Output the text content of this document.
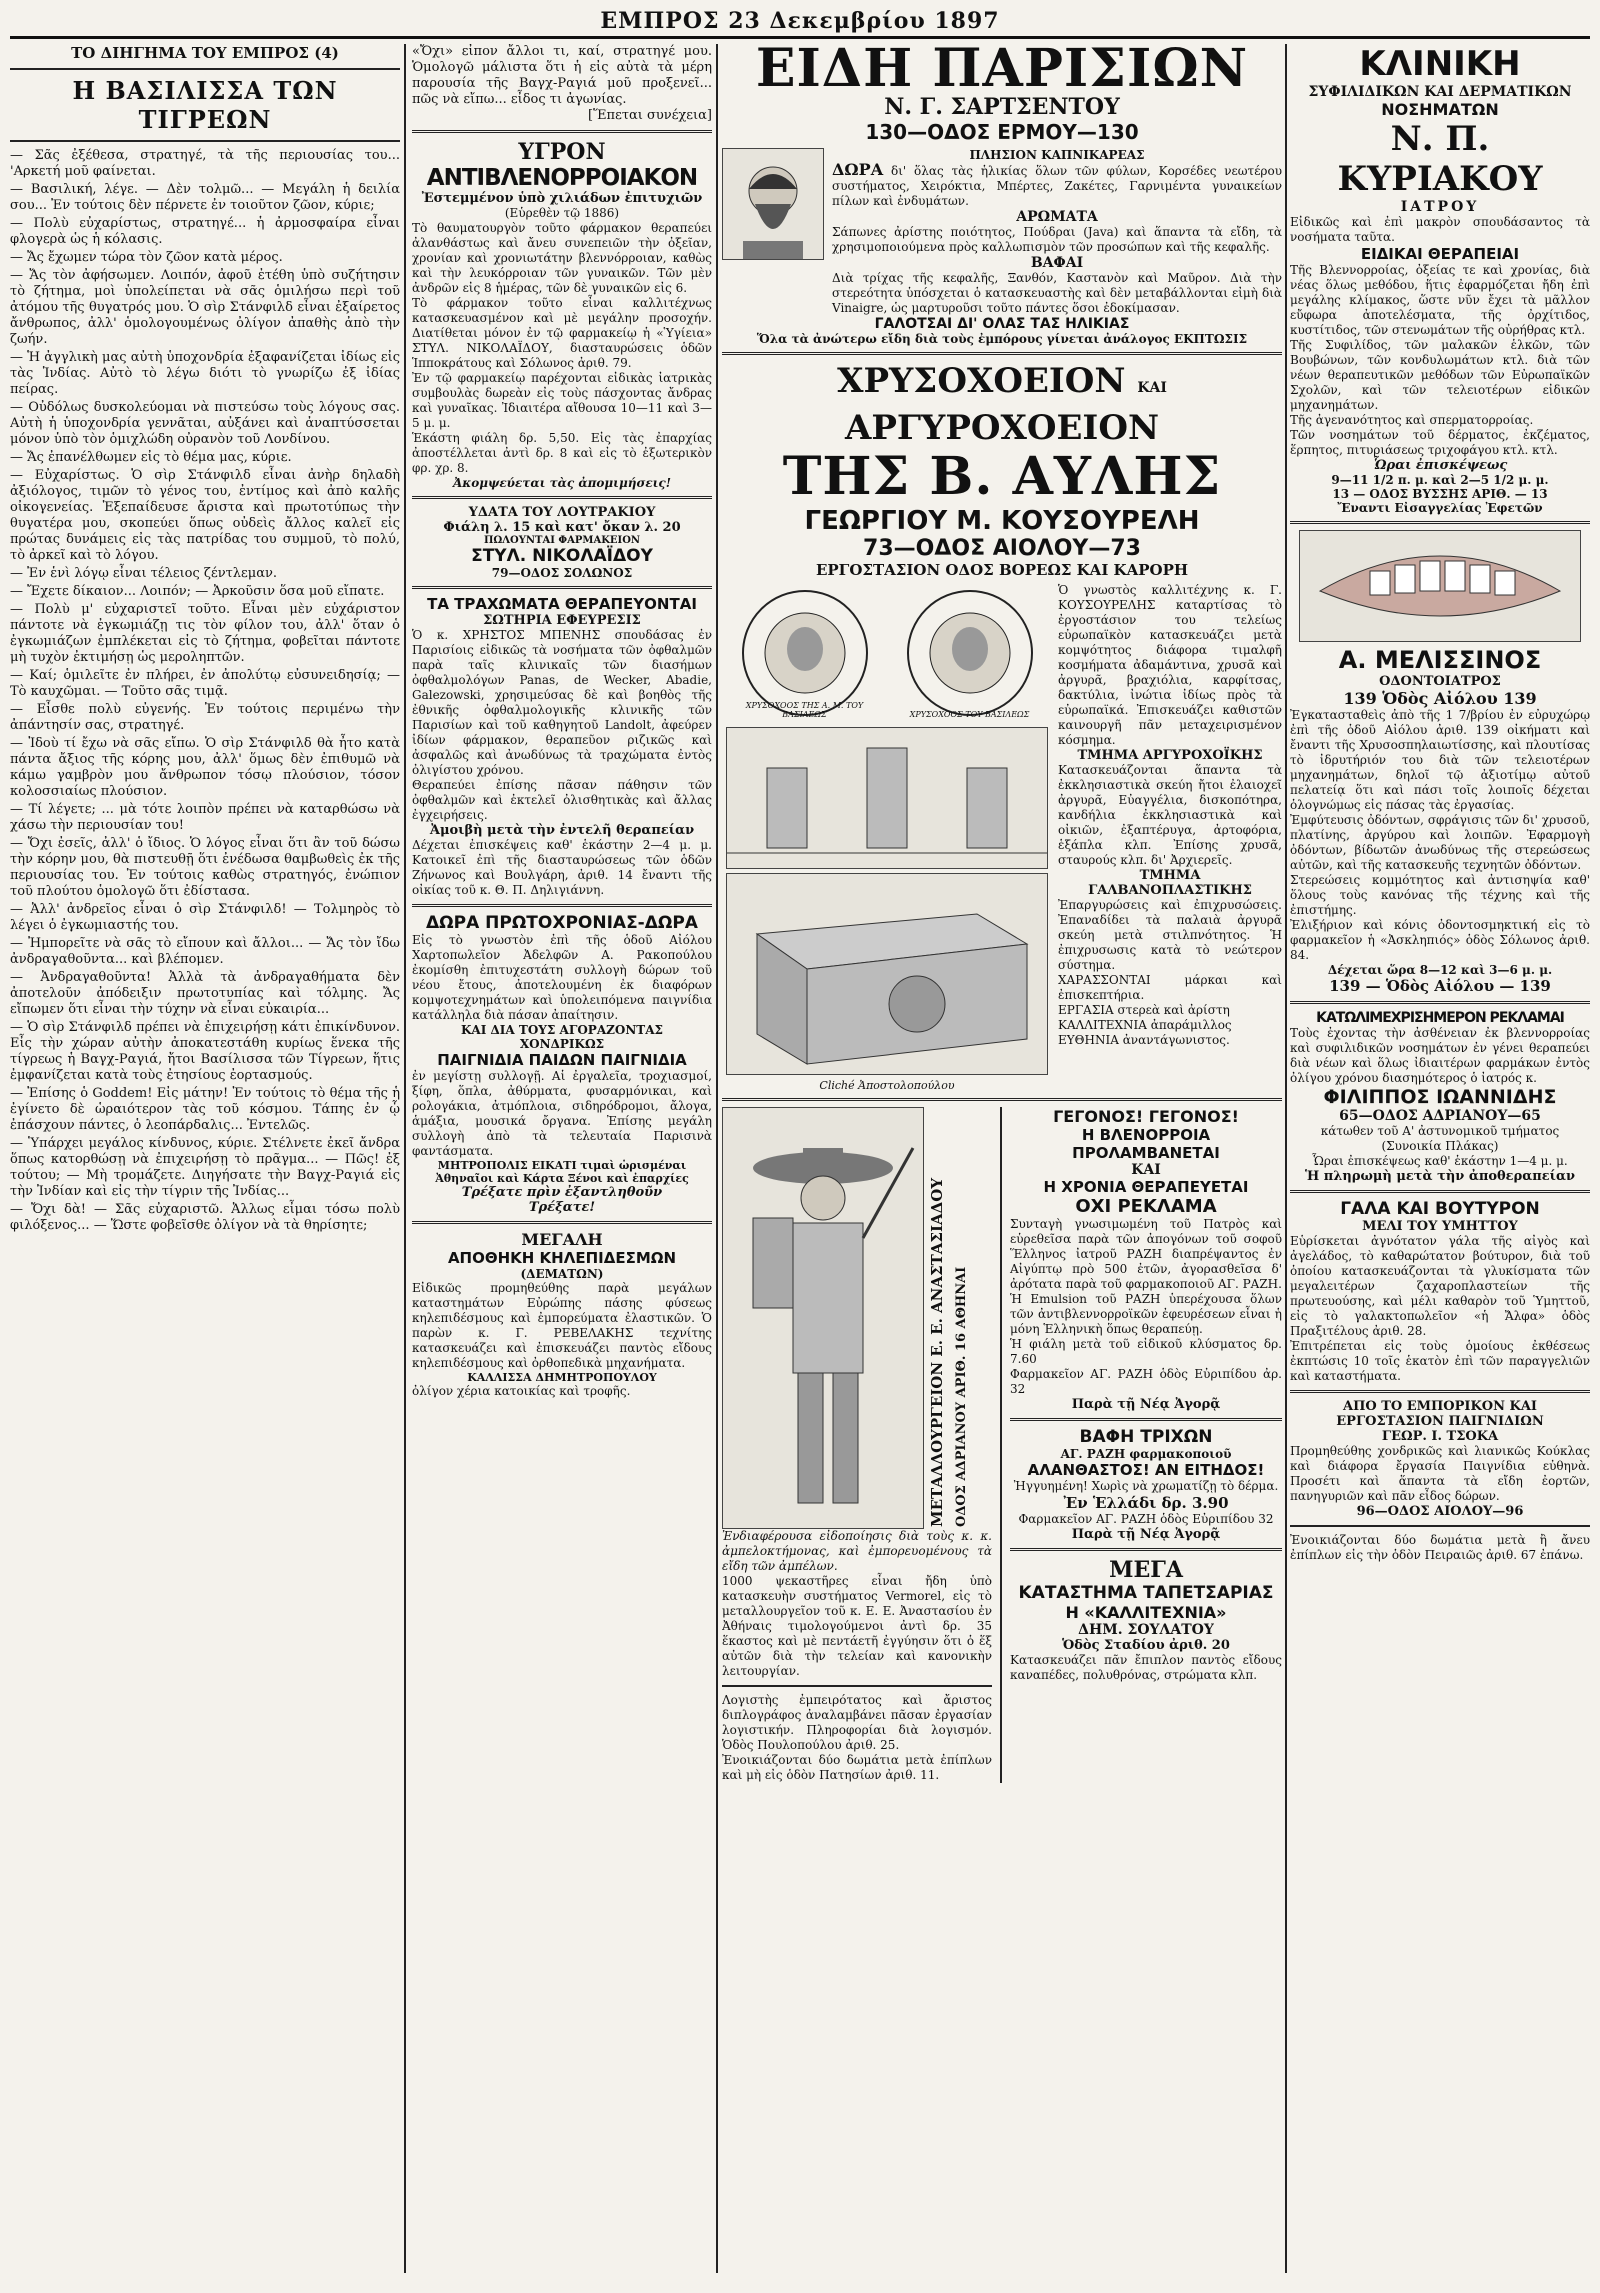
ΕΜΠΡΟΣ 23 Δεκεμβρίου 1897
ΤΟ ΔΙΗΓΗΜΑ ΤΟΥ ΕΜΠΡΟΣ (4)
Η ΒΑΣΙΛΙΣΣΑ ΤΩΝ ΤΙΓΡΕΩΝ

— Σᾶς ἐξέθεσα, στρατηγέ, τὰ τῆς περιουσίας του... 'Αρκετή μοῦ φαίνεται.

— Βασιλική, λέγε. — Δὲν τολμῶ... — Μεγάλη ἡ δειλία σου... Ἐν τούτοις δὲν πέρνετε ἐν τοιοῦτον ζῶον, κύριε;

— Πολὺ εὐχαρίστως, στρατηγέ... ἡ ἀρμοσφαίρα εἶναι φλογερὰ ὡς ἡ κόλασις.

— Ἄς ἔχωμεν τώρα τὸν ζῶον κατὰ μέρος.

— Ἄς τὸν ἀφήσωμεν. Λοιπόν, ἀφοῦ ἐτέθη ὑπὸ συζήτησιν τὸ ζήτημα, μοὶ ὑπολείπεται νὰ σᾶς ὁμιλήσω περὶ τοῦ ἀτόμου τῆς θυγατρός μου. Ὁ σὶρ Στάνφιλδ εἶναι ἐξαίρετος ἄνθρωπος, ἀλλ' ὁμολογουμένως ὀλίγον ἀπαθὴς ἀπὸ τὴν ζωήν.

— Ἡ ἀγγλικὴ μας αὐτὴ ὑποχονδρία ἐξαφανίζεται ἰδίως εἰς τὰς Ἰνδίας. Αὐτὸ τὸ λέγω διότι τὸ γνωρίζω ἐξ ἰδίας πείρας.

— Οὐδόλως δυσκολεύομαι νὰ πιστεύσω τοὺς λόγους σας. Αὐτὴ ἡ ὑποχονδρία γεννᾶται, αὐξάνει καὶ ἀναπτύσσεται μόνον ὑπὸ τὸν ὁμιχλώδη οὐρανὸν τοῦ Λονδίνου.

— Ἄς ἐπανέλθωμεν εἰς τὸ θέμα μας, κύριε.

— Εὐχαρίστως. Ὁ σὶρ Στάνφιλδ εἶναι ἀνὴρ δηλαδὴ ἀξιόλογος, τιμῶν τὸ γένος του, ἐντίμος καὶ ἀπὸ καλῆς οἰκογενείας. Ἐξεπαίδευσε ἄριστα καὶ πρωτοτύπως τὴν θυγατέρα μου, σκοπεύει ὅπως οὐδεὶς ἄλλος καλεῖ εἰς πρώτας δυνάμεις εἰς τὰς πατρίδας του συμμοῦ, τὸ πολύ, τὸ ἀρκεῖ καὶ τὸ λόγου.

— Ἐν ἑνὶ λόγῳ εἶναι τέλειος ζέντλεμαν.

— Ἔχετε δίκαιον... Λοιπόν; — Ἀρκοῦσιν ὅσα μοῦ εἴπατε.

— Πολὺ μ' εὐχαριστεῖ τοῦτο. Εἶναι μὲν εὐχάριστον πάντοτε νὰ ἐγκωμιάζῃ τις τὸν φίλον του, ἀλλ' ὅταν ὁ ἐγκωμιάζων ἐμπλέκεται εἰς τὸ ζήτημα, φοβεῖται πάντοτε μὴ τυχὸν ἐκτιμήσῃ ὡς μεροληπτῶν.

— Καί; ὁμιλεῖτε ἐν πλήρει, ἐν ἀπολύτῳ εὐσυνειδησίᾳ; — Τὸ καυχῶμαι. — Τοῦτο σᾶς τιμᾷ.

— Εἶσθε πολὺ εὐγενής. Ἐν τούτοις περιμένω τὴν ἀπάντησίν σας, στρατηγέ.

— Ἰδοὺ τί ἔχω νὰ σᾶς εἴπω. Ὁ σὶρ Στάνφιλδ θὰ ἦτο κατὰ πάντα ἄξιος τῆς κόρης μου, ἀλλ' ὅμως δὲν ἐπιθυμῶ νὰ κάμω γαμβρὸν μου ἄνθρωπον τόσῳ πλούσιον, τόσον κολοσσιαίως πλούσιον.

— Τί λέγετε; ... μὰ τότε λοιπὸν πρέπει νὰ καταρθώσω νὰ χάσω τὴν περιουσίαν του!

— Ὄχι ἐσεῖς, ἀλλ' ὁ ἴδιος. Ὁ λόγος εἶναι ὅτι ἂν τοῦ δώσω τὴν κόρην μου, θὰ πιστευθῇ ὅτι ἐνέδωσα θαμβωθεὶς ἐκ τῆς περιουσίας του. Ἐν τούτοις καθὼς στρατηγός, ἐνώπιον τοῦ πλούτου ὁμολογῶ ὅτι ἐδίστασα.

— Ἀλλ' ἀνδρεῖος εἶναι ὁ σὶρ Στάνφιλδ! — Τολμηρὸς τὸ λέγει ὁ ἐγκωμιαστής του.

— Ἠμπορεῖτε νὰ σᾶς τὸ εἴπουν καὶ ἄλλοι... — Ἄς τὸν ἴδω ἀνδραγαθοῦντα... καὶ βλέπομεν.

— Ἀνδραγαθοῦντα! Ἀλλὰ τὰ ἀνδραγαθήματα δὲν ἀποτελοῦν ἀπόδειξιν πρωτοτυπίας καὶ τόλμης. Ἄς εἴπωμεν ὅτι εἶναι τὴν τύχην νὰ εἶναι εὐκαιρία...

— Ὁ σὶρ Στάνφιλδ πρέπει νὰ ἐπιχειρήσῃ κάτι ἐπικίνδυνον. Εἶς τὴν χώραν αὐτὴν ἀποκατεστάθη κυρίως ἕνεκα τῆς τίγρεως ἡ Βαγχ-Ραγιά, ἤτοι Βασίλισσα τῶν Τίγρεων, ἥτις ἐμφανίζεται κατὰ τοὺς ἐτησίους ἐορτασμούς.

— Ἐπίσης ὁ Goddem! Εἰς μάτην! Ἐν τούτοις τὸ θέμα τῆς ἡ ἐγίνετο δὲ ὡραιότερον τὰς τοῦ κόσμου. Τάπης ἐν ᾧ ἐπάσχουν πάντες, ὁ λεοπάρδαλις... Ἐντελῶς.

— Ὑπάρχει μεγάλος κίνδυνος, κύριε. Στέλνετε ἐκεῖ ἄνδρα ὅπως κατορθώσῃ νὰ ἐπιχειρήσῃ τὸ πρᾶγμα... — Πῶς! ἐξ τούτου; — Μὴ τρομάζετε. Διηγήσατε τὴν Βαγχ-Ραγιά εἰς τὴν Ἰνδίαν καὶ εἰς τὴν τίγριν τῆς Ἰνδίας...

— Ὄχι δὰ! — Σᾶς εὐχαριστῶ. Ἀλλως εἶμαι τόσω πολὺ φιλόξενος... — Ὥστε φοβεῖσθε ὀλίγον νὰ τὰ θηρίσητε;

«Ὄχι» εἶπον ἄλλοι τι, καί, στρατηγέ μου. Ὁμολογῶ μάλιστα ὅτι ἡ εἰς αὐτὰ τὰ μέρη παρουσία τῆς Βαγχ-Ραγιά μοῦ προξενεῖ... πῶς νὰ εἴπω... εἶδος τι ἀγωνίας.
[Ἕπεται συνέχεια]
ΥΓΡΟΝ
ΑΝΤΙΒΛΕΝΟΡΡΟΙΑΚΟΝ
Ἐστεμμένον ὑπὸ χιλιάδων ἐπιτυχιῶν
(Εὑρεθὲν τῷ 1886)
Τὸ θαυματουργὸν τοῦτο φάρμακον θεραπεύει ἀλανθάστως καὶ ἄνευ συνεπειῶν τὴν ὀξεῖαν, χρονίαν καὶ χρονιωτάτην βλεννόρροιαν, καθὼς καὶ τὴν λευκόρροιαν τῶν γυναικῶν. Τῶν μὲν ἀνδρῶν εἰς 8 ἡμέρας, τῶν δὲ γυναικῶν εἰς 6.
Τὸ φάρμακον τοῦτο εἶναι καλλιτέχνως κατασκευασμένον καὶ μὲ μεγάλην προσοχήν. Διατίθεται μόνον ἐν τῷ φαρμακείῳ ἡ «Ὑγίεια» ΣΤΥΛ. ΝΙΚΟΛΑΪΔΟΥ, διασταυρώσεις ὁδῶν Ἱπποκράτους καὶ Σόλωνος ἀριθ. 79.
Ἐν τῷ φαρμακείῳ παρέχονται εἰδικὰς ἰατρικὰς συμβουλὰς δωρεὰν εἰς τοὺς πάσχοντας ἄνδρας καὶ γυναῖκας. Ἰδιαιτέρα αἴθουσα 10—11 καὶ 3—5 μ. μ.
Ἑκάστη φιάλη δρ. 5,50. Εἰς τὰς ἐπαρχίας ἀποστέλλεται ἀντὶ δρ. 8 καὶ εἰς τὸ ἐξωτερικὸν φρ. χρ. 8.
Ἀκομψεύεται τὰς ἀπομιμήσεις!
ΥΔΑΤΑ ΤΟΥ ΛΟΥΤΡΑΚΙΟΥ
Φιάλη λ. 15 καὶ κατ' ὄκαν λ. 20
ΠΩΛΟΥΝΤΑΙ ΦΑΡΜΑΚΕΙΟΝ
ΣΤΥΛ. ΝΙΚΟΛΑΪΔΟΥ
79—ΟΔΟΣ ΣΟΛΩΝΟΣ
ΤΑ ΤΡΑΧΩΜΑΤΑ ΘΕΡΑΠΕΥΟΝΤΑΙ
ΣΩΤΗΡΙΑ ΕΦΕΥΡΕΣΙΣ
Ὁ κ. ΧΡΗΣΤΟΣ ΜΠΕΝΗΣ σπουδάσας ἐν Παρισίοις εἰδικῶς τὰ νοσήματα τῶν ὀφθαλμῶν παρὰ ταῖς κλινικαῖς τῶν διασήμων ὀφθαλμολόγων Panas, de Wecker, Abadie, Galezowski, χρησιμεύσας δὲ καὶ βοηθὸς τῆς ἐθνικῆς ὀφθαλμολογικῆς κλινικῆς τῶν Παρισίων καὶ τοῦ καθηγητοῦ Landolt, ἀφεύρεν ἰδίων φάρμακον, θεραπεῦον ριζικῶς καὶ ἀσφαλῶς καὶ ἀνωδύνως τὰ τραχώματα ἐντὸς ὀλιγίστου χρόνου.
Θεραπεύει ἐπίσης πᾶσαν πάθησιν τῶν ὀφθαλμῶν καὶ ἐκτελεῖ ὀλισθητικὰς καὶ ἄλλας ἐγχειρήσεις.
Ἀμοιβὴ μετὰ τὴν ἐντελῆ θεραπείαν
Δέχεται ἐπισκέψεις καθ' ἑκάστην 2—4 μ. μ. Κατοικεῖ ἐπὶ τῆς διασταυρώσεως τῶν ὁδῶν Ζήνωνος καὶ Βουλγάρη, ἀριθ. 14 ἔναντι τῆς οἰκίας τοῦ κ. Θ. Π. Δηλιγιάννη.
ΔΩΡΑ ΠΡΩΤΟΧΡΟΝΙΑΣ-ΔΩΡΑ
Εἰς τὸ γνωστὸν ἐπὶ τῆς ὁδοῦ Αἰόλου Χαρτοπωλεῖον Ἀδελφῶν Α. Ρακοπούλου ἐκομίσθη ἐπιτυχεστάτη συλλογὴ δώρων τοῦ νέου ἔτους, ἀποτελουμένη ἐκ διαφόρων κομψοτεχνημάτων καὶ ὑπολειπόμενα παιγνίδια κατάλληλα διὰ πάσαν ἀπαίτησιν.
ΚΑΙ ΔΙΑ ΤΟΥΣ ΑΓΟΡΑΖΟΝΤΑΣ
ΧΟΝΔΡΙΚΩΣ
ΠΑΙΓΝΙΔΙΑ ΠΑΙΔΩΝ ΠΑΙΓΝΙΔΙΑ
ἐν μεγίστῃ συλλογῇ. Αἱ ἐργαλεῖα, τροχιασμοί, ξίφη, ὅπλα, ἀθύρματα, φυσαρμόνικαι, καὶ ρολογάκια, ἀτμόπλοια, σιδηρόδρομοι, ἄλογα, ἁμάξια, μουσικά ὄργανα. Ἐπίσης μεγάλη συλλογὴ ἀπὸ τὰ τελευταία Παρισινὰ φαντάσματα.
ΜΗΤΡΟΠΟΛΙΣ ΕΙΚΑΤΙ τιμαὶ ὡρισμέναι
Ἀθηναῖοι καὶ Κάρτα Ξένοι καὶ ἐπαρχίες
Τρέξατε πρὶν ἐξαντληθοῦν
Τρέξατε!
ΜΕΓΑΛΗ
ΑΠΟΘΗΚΗ ΚΗΛΕΠΙΔΕΣΜΩΝ
(ΔΕΜΑΤΩΝ)
Εἰδικῶς προμηθεύθης παρὰ μεγάλων καταστημάτων Εὐρώπης πάσης φύσεως κηλεπιδέσμους καὶ ἐμπορεύματα ἐλαστικῶν. Ὁ παρὼν κ. Γ. ΡΕΒΕΛΑΚΗΣ τεχνίτης κατασκευάζει καὶ ἐπισκευάζει παντὸς εἴδους κηλεπιδέσμους καὶ ὀρθοπεδικὰ μηχανήματα.
ΚΑΛΛΙΣΣΑ ΔΗΜΗΤΡΟΠΟΥΛΟΥ
ὀλίγον χέρια κατοικίας καὶ τροφῆς.
ΕΙΔΗ ΠΑΡΙΣΙΩΝ
Ν. Γ. ΣΑΡΤΣΕΝΤΟΥ
130—ΟΔΟΣ ΕΡΜΟΥ—130
ΠΛΗΣΙΟΝ ΚΑΠΝΙΚΑΡΕΑΣ
ΔΩΡΑ δι' ὅλας τὰς ἡλικίας ὅλων τῶν φύλων, Κορσέδες νεωτέρου συστήματος, Χειρόκτια, Μπέρτες, Ζακέτες, Γαρνιμέντα γυναικείων πίλων καὶ ἐνδυμάτων.
ΑΡΩΜΑΤΑ
Σάπωνες ἀρίστης ποιότητος, Πούδραι (Java) καὶ ἅπαντα τὰ εἴδη, τὰ χρησιμοποιούμενα πρὸς καλλωπισμὸν τῶν προσώπων καὶ τῆς κεφαλῆς.
ΒΑΦΑΙ
Διὰ τρίχας τῆς κεφαλῆς, Ξανθόν, Καστανὸν καὶ Μαῦρον. Διὰ τὴν στερεότητα ὑπόσχεται ὁ κατασκευαστὴς καὶ δὲν μεταβάλλονται εἰμὴ διὰ Vinaigre, ὡς μαρτυροῦσι τοῦτο πάντες ὅσοι ἐδοκίμασαν.
ΓΑΛΟΤΣΑΙ ΔΙ' ΟΛΑΣ ΤΑΣ ΗΛΙΚΙΑΣ
Ὅλα τὰ ἀνώτερω εἴδη διὰ τοὺς ἐμπόρους γίνεται ἀνάλογος ΕΚΠΤΩΣΙΣ
ΧΡΥΣΟΧΟΕΙΟΝ ΚΑΙ ΑΡΓΥΡΟΧΟΕΙΟΝ
ΤΗΣ Β. ΑΥΛΗΣ
ΓΕΩΡΓΙΟΥ Μ. ΚΟΥΣΟΥΡΕΛΗ
73—ΟΔΟΣ ΑΙΟΛΟΥ—73
ΕΡΓΟΣΤΑΣΙΟΝ ΟΔΟΣ ΒΟΡΕΩΣ ΚΑΙ ΚΑΡΟΡΗ
ΧΡΥΣΟΧΟΟΣ ΤΗΣ Α. Μ. ΤΟΥ ΒΑΣΙΛΕΩΣ	ΧΡΥΣΟΧΟΟΣ ΤΟΥ ΒΑΣΙΛΕΩΣ
Cliché Ἀποστολοπούλου
Ὁ γνωστὸς καλλιτέχνης κ. Γ. ΚΟΥΣΟΥΡΕΛΗΣ καταρτίσας τὸ ἐργοστάσιον του τελείως εὐρωπαϊκὸν κατασκευάζει μετὰ κομψότητος διάφορα τιμαλφῆ κοσμήματα ἀδαμάντινα, χρυσᾶ καὶ ἀργυρᾶ, βραχιόλια, καρφίτσας, δακτύλια, ἰνώτια ἰδίως πρὸς τὰ εὐρωπαϊκά. Ἐπισκευάζει καθιστῶν καινουργῆ πᾶν μεταχειρισμένον κόσμημα.
ΤΜΗΜΑ ΑΡΓΥΡΟΧΟΪΚΗΣ
Κατασκευάζονται ἅπαντα τὰ ἐκκλησιαστικὰ σκεύη ἤτοι ἐλαιοχεῖ ἀργυρᾶ, Εὐαγγέλια, δισκοπότηρα, κανδήλια ἐκκλησιαστικὰ καὶ οἰκιῶν, ἐξαπτέρυγα, ἀρτοφόρια, ἑξάπλα κλπ. Ἐπίσης χρυσᾶ, σταυρούς κλπ. δι' Ἀρχιερεῖς.
ΤΜΗΜΑ ΓΑΛΒΑΝΟΠΛΑΣΤΙΚΗΣ
Ἐπαργυρώσεις καὶ ἐπιχρυσώσεις. Ἐπαναδίδει τὰ παλαιὰ ἀργυρᾶ σκεύη μετὰ στιλπνότητος. Ἡ ἐπιχρυσωσις κατὰ τὸ νεώτερον σύστημα.
ΧΑΡΑΣΣΟΝΤΑΙ μάρκαι καὶ ἐπισκεπτήρια.
ΕΡΓΑΣΙΑ στερεὰ καὶ ἀρίστη
ΚΑΛΛΙΤΕΧΝΙΑ ἀπαράμιλλος
ΕΥΘΗΝΙΑ ἀναντάγωνιστος.
ΜΕΤΑΛΛΟΥΡΓΕΙΟΝ Ε. Ε. ΑΝΑΣΤΑΣΙΑΔΟΥ ΟΔΟΣ ΑΔΡΙΑΝΟΥ ΑΡΙΘ. 16 ΑΘΗΝΑΙ
Ἐνδιαφέρουσα εἰδοποίησις διὰ τοὺς κ. κ. ἀμπελοκτήμονας, καὶ ἐμπορευομένους τὰ εἴδη τῶν ἀμπέλων.
1000 ψεκαστῆρες εἶναι ἤδη ὑπὸ κατασκευὴν συστήματος Vermorel, εἰς τὸ μεταλλουργεῖον τοῦ κ. Ε. Ε. Ἀναστασίου ἐν Ἀθήναις τιμολογούμενοι ἀντὶ δρ. 35 ἕκαστος καὶ μὲ πεντάετῆ ἐγγύησιν ὅτι ὁ ἕξ αὐτῶν διὰ τὴν τελείαν καὶ κανονικὴν λειτουργίαν.
Λογιστὴς ἐμπειρότατος καὶ ἄριστος διπλογράφος ἀναλαμβάνει πᾶσαν ἐργασίαν λογιστικήν. Πληροφορίαι διὰ λογισμόν. Ὁδὸς Πουλοπούλου ἀριθ. 25.
Ἐνοικιάζονται δύο δωμάτια μετὰ ἐπίπλων καὶ μὴ εἰς ὁδὸν Πατησίων ἀριθ. 11.
ΓΕΓΟΝΟΣ! ΓΕΓΟΝΟΣ!
Η ΒΛΕΝΟΡΡΟΙΑ ΠΡΟΛΑΜΒΑΝΕΤΑΙ
ΚΑΙ
Η ΧΡΟΝΙΑ ΘΕΡΑΠΕΥΕΤΑΙ
ΟΧΙ ΡΕΚΛΑΜΑ
Συνταγὴ γνωσιμωμένη τοῦ Πατρὸς καὶ εὑρεθεῖσα παρὰ τῶν ἀπογόνων τοῦ σοφοῦ Ἕλληνος ἰατροῦ ΡΑΖΗ διαπρέψαντος ἐν Αἰγύπτῳ πρὸ 500 ἐτῶν, ἀγορασθεῖσα δ' ἀρότατα παρὰ τοῦ φαρμακοποιοῦ ΑΓ. ΡΑΖΗ.
Ἡ Emulsion τοῦ ΡΑΖΗ ὑπερέχουσα ὅλων τῶν ἀντιβλεννορροϊκῶν ἐφευρέσεων εἶναι ἡ μόνη Ἑλληνικὴ ὅπως θεραπεύῃ.
Ἡ φιάλη μετὰ τοῦ εἰδικοῦ κλύσματος δρ. 7.60
Φαρμακεῖον ΑΓ. ΡΑΖΗ ὁδὸς Εὐριπίδου ἀρ. 32
Παρὰ τῇ Νέᾳ Ἀγορᾷ
ΒΑΦΗ ΤΡΙΧΩΝ
ΑΓ. ΡΑΖΗ φαρμακοποιοῦ
ΑΛΑΝΘΑΣΤΟΣ! ΑΝ ΕΙΤΗΔΟΣ!
Ἠγγυημένη! Χωρὶς νὰ χρωματίζῃ τὸ δέρμα.
Ἐν Ἑλλάδι δρ. 3.90
Φαρμακεῖον ΑΓ. ΡΑΖΗ ὁδὸς Εὐριπίδου 32
Παρὰ τῇ Νέᾳ Ἀγορᾷ
ΜΕΓΑ
ΚΑΤΑΣΤΗΜΑ ΤΑΠΕΤΣΑΡΙΑΣ
Η «ΚΑΛΛΙΤΕΧΝΙΑ»
ΔΗΜ. ΣΟΥΛΑΤΟΥ
Ὁδὸς Σταδίου ἀριθ. 20
Κατασκευάζει πᾶν ἔπιπλον παντὸς εἴδους καναπέδες, πολυθρόνας, στρώματα κλπ.
ΚΛΙΝΙΚΗ
ΣΥΦΙΛΙΔΙΚΩΝ ΚΑΙ ΔΕΡΜΑΤΙΚΩΝ
ΝΟΣΗΜΑΤΩΝ
Ν. Π. ΚΥΡΙΑΚΟΥ
ΙΑΤΡΟΥ
Εἰδικῶς καὶ ἐπὶ μακρὸν σπουδάσαντος τὰ νοσήματα ταῦτα.
ΕΙΔΙΚΑΙ ΘΕΡΑΠΕΙΑΙ
Τῆς Βλεννορροίας, ὀξείας τε καὶ χρονίας, διὰ νέας ὅλως μεθόδου, ἥτις ἐφαρμόζεται ἤδη ἐπὶ μεγάλης κλίμακος, ὥστε νῦν ἔχει τὰ μᾶλλον εὔφωρα ἀποτελέσματα, τῆς ὀρχίτιδος, κυστίτιδος, τῶν στενωμάτων τῆς οὐρήθρας κτλ.
Τῆς Συφιλίδος, τῶν μαλακῶν ἑλκῶν, τῶν Βουβώνων, τῶν κονδυλωμάτων κτλ. διὰ τῶν νέων θεραπευτικῶν μεθόδων τῶν Εὐρωπαϊκῶν Σχολῶν, καὶ τῶν τελειοτέρων εἰδικῶν μηχανημάτων.
Τῆς ἀγενανότητος καὶ σπερματορροίας.
Τῶν νοσημάτων τοῦ δέρματος, ἐκζέματος, ἕρπητος, πιτυριάσεως τριχοφάγου κτλ. κτλ.
Ὧραι ἐπισκέψεως
9—11 1/2 π. μ. καὶ 2—5 1/2 μ. μ.
13 — ΟΔΟΣ ΒΥΣΣΗΣ ΑΡΙΘ. — 13
Ἔναντι Εἰσαγγελίας Ἐφετῶν
Α. ΜΕΛΙΣΣΙΝΟΣ
ΟΔΟΝΤΟΙΑΤΡΟΣ
139 Ὁδὸς Αἰόλου 139
Ἐγκατασταθεὶς ἀπὸ τῆς 1 7/βρίου ἐν εὐρυχώρῳ ἐπὶ τῆς ὁδοῦ Αἰόλου ἀριθ. 139 οἰκήματι καὶ ἔναντι τῆς Χρυσοσπηλαιωτίσσης, καὶ πλουτίσας τὸ ἰδρυτήριόν του διὰ τῶν τελειοτέρων μηχανημάτων, δηλοῖ τῷ ἀξιοτίμῳ αὐτοῦ πελατείᾳ ὅτι καὶ πάσι τοῖς λοιποῖς δέχεται ὁλογνώμως εἰς πάσας τὰς ἐργασίας.
Ἐμφύτευσις ὀδόντων, σφράγισις τῶν δι' χρυσοῦ, πλατίνης, ἀργύρου καὶ λοιπῶν. Ἐφαρμογὴ ὀδόντων, βίδωτῶν ἀνωδύνως τῆς στερεώσεως αὐτῶν, καὶ τῆς κατασκευῆς τεχνητῶν ὀδόντων.
Στερεώσεις κομμότητος καὶ ἀντισηψία καθ' ὅλους τοὺς κανόνας τῆς τέχνης καὶ τῆς ἐπιστήμης.
Ἐλιξήριον καὶ κόνις ὀδοντοσμηκτική εἰς τὸ φαρμακεῖον ἡ «Ἀσκληπιός» ὁδὸς Σόλωνος ἀριθ. 84.
Δέχεται ὥρα 8—12 καὶ 3—6 μ. μ.
139 — Ὁδὸς Αἰόλου — 139
ΚΑΤΩΛΙΜΕΧΡΙΣΗΜΕΡΟΝ ΡΕΚΛΑΜΑΙ
Τοὺς ἐχοντας τὴν ἀσθένειαν ἐκ βλεννορροίας καὶ συφιλιδικῶν νοσημάτων ἐν γένει θεραπεύει διὰ νέων καὶ ὅλως ἰδιαιτέρων φαρμάκων ἐντὸς ὀλίγου χρόνου διασημότερος ὁ ἰατρός κ.
ΦΙΛΙΠΠΟΣ ΙΩΑΝΝΙΔΗΣ
65—ΟΔΟΣ ΑΔΡΙΑΝΟΥ—65
κάτωθεν τοῦ Α' ἀστυνομικοῦ τμήματος (Συνοικία Πλάκας)
Ὧραι ἐπισκέψεως καθ' ἑκάστην 1—4 μ. μ.
Ἡ πληρωμὴ μετὰ τὴν ἀποθεραπείαν
ΓΑΛΑ ΚΑΙ ΒΟΥΤΥΡΟΝ
ΜΕΛΙ ΤΟΥ ΥΜΗΤΤΟΥ
Εὑρίσκεται ἀγνότατον γάλα τῆς αἰγὸς καὶ ἀγελάδος, τὸ καθαρώτατον βούτυρον, διὰ τοῦ ὁποίου κατασκευάζονται τὰ γλυκίσματα τῶν μεγαλειτέρων ζαχαροπλαστείων τῆς πρωτευούσης, καὶ μέλι καθαρὸν τοῦ Ὑμηττοῦ, εἰς τὸ γαλακτοπωλεῖον «ἡ Ἄλφα» ὁδὸς Πραξιτέλους ἀριθ. 28.
Ἐπιτρέπεται εἰς τοὺς ὁμοίους ἐκθέσεως ἐκπτώσις 10 τοῖς ἑκατὸν ἐπὶ τῶν παραγγελιῶν καὶ καταστήματα.
ΑΠΟ ΤΟ ΕΜΠΟΡΙΚΟΝ ΚΑΙ ΕΡΓΟΣΤΑΣΙΟΝ ΠΑΙΓΝΙΔΙΩΝ
ΓΕΩΡ. Ι. ΤΣΟΚΑ
Προμηθεύθης χονδρικῶς καὶ λιανικῶς Κούκλας καὶ διάφορα ἔργασία Παιγνίδια εὐθηνὰ. Προσέτι καὶ ἅπαντα τὰ εἴδη ἐορτῶν, πανηγυριῶν καὶ πᾶν εἶδος δώρων.
96—ΟΔΟΣ ΑΙΟΛΟΥ—96
Ἐνοικιάζονται δύο δωμάτια μετὰ ἢ ἄνευ ἐπίπλων εἰς τὴν ὁδὸν Πειραιῶς ἀριθ. 67 ἐπάνω.
